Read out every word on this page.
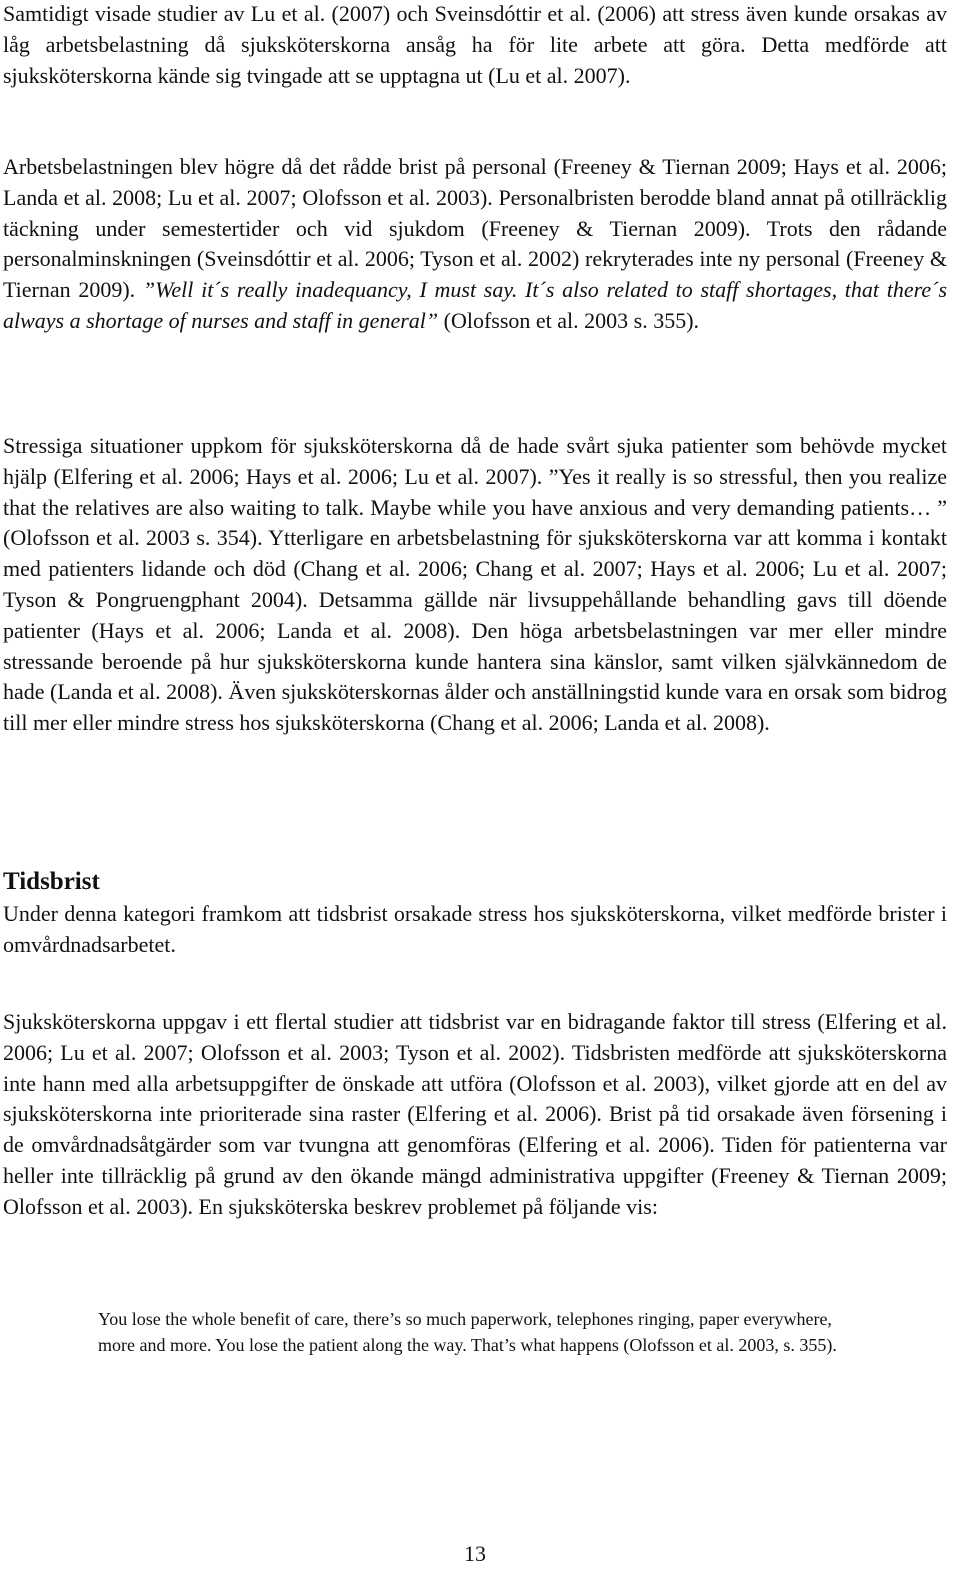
Samtidigt visade studier av Lu et al. (2007) och Sveinsdóttir et al. (2006) att stress även kunde orsakas av låg arbetsbelastning då sjuksköterskorna ansåg ha för lite arbete att göra. Detta medförde att sjuksköterskorna kände sig tvingade att se upptagna ut (Lu et al. 2007).

Arbetsbelastningen blev högre då det rådde brist på personal (Freeney & Tiernan 2009; Hays et al. 2006; Landa et al. 2008; Lu et al. 2007; Olofsson et al. 2003). Personalbristen berodde bland annat på otillräcklig täckning under semestertider och vid sjukdom (Freeney & Tiernan 2009). Trots den rådande personalminskningen (Sveinsdóttir et al. 2006; Tyson et al. 2002) rekryterades inte ny personal (Freeney & Tiernan 2009). ”Well it´s really inadequancy, I must say. It´s also related to staff shortages, that there´s always a shortage of nurses and staff in general” (Olofsson et al. 2003 s. 355).

Stressiga situationer uppkom för sjuksköterskorna då de hade svårt sjuka patienter som behövde mycket hjälp (Elfering et al. 2006; Hays et al. 2006; Lu et al. 2007). ”Yes it really is so stressful, then you realize that the relatives are also waiting to talk. Maybe while you have anxious and very demanding patients… ” (Olofsson et al. 2003 s. 354). Ytterligare en arbetsbelastning för sjuksköterskorna var att komma i kontakt med patienters lidande och död (Chang et al. 2006; Chang et al. 2007; Hays et al. 2006; Lu et al. 2007; Tyson & Pongruengphant 2004). Detsamma gällde när livsuppehållande behandling gavs till döende patienter (Hays et al. 2006; Landa et al. 2008). Den höga arbetsbelastningen var mer eller mindre stressande beroende på hur sjuksköterskorna kunde hantera sina känslor, samt vilken självkännedom de hade (Landa et al. 2008). Även sjuksköterskornas ålder och anställningstid kunde vara en orsak som bidrog till mer eller mindre stress hos sjuksköterskorna (Chang et al. 2006; Landa et al. 2008).

Tidsbrist

Under denna kategori framkom att tidsbrist orsakade stress hos sjuksköterskorna, vilket medförde brister i omvårdnadsarbetet.

Sjuksköterskorna uppgav i ett flertal studier att tidsbrist var en bidragande faktor till stress (Elfering et al. 2006; Lu et al. 2007; Olofsson et al. 2003; Tyson et al. 2002). Tidsbristen medförde att sjuksköterskorna inte hann med alla arbetsuppgifter de önskade att utföra (Olofsson et al. 2003), vilket gjorde att en del av sjuksköterskorna inte prioriterade sina raster (Elfering et al. 2006). Brist på tid orsakade även försening i de omvårdnadsåtgärder som var tvungna att genomföras (Elfering et al. 2006). Tiden för patienterna var heller inte tillräcklig på grund av den ökande mängd administrativa uppgifter (Freeney & Tiernan 2009; Olofsson et al. 2003). En sjuksköterska beskrev problemet på följande vis:

You lose the whole benefit of care, there’s so much paperwork, telephones ringing, paper everywhere, more and more. You lose the patient along the way. That’s what happens (Olofsson et al. 2003, s. 355).

13
